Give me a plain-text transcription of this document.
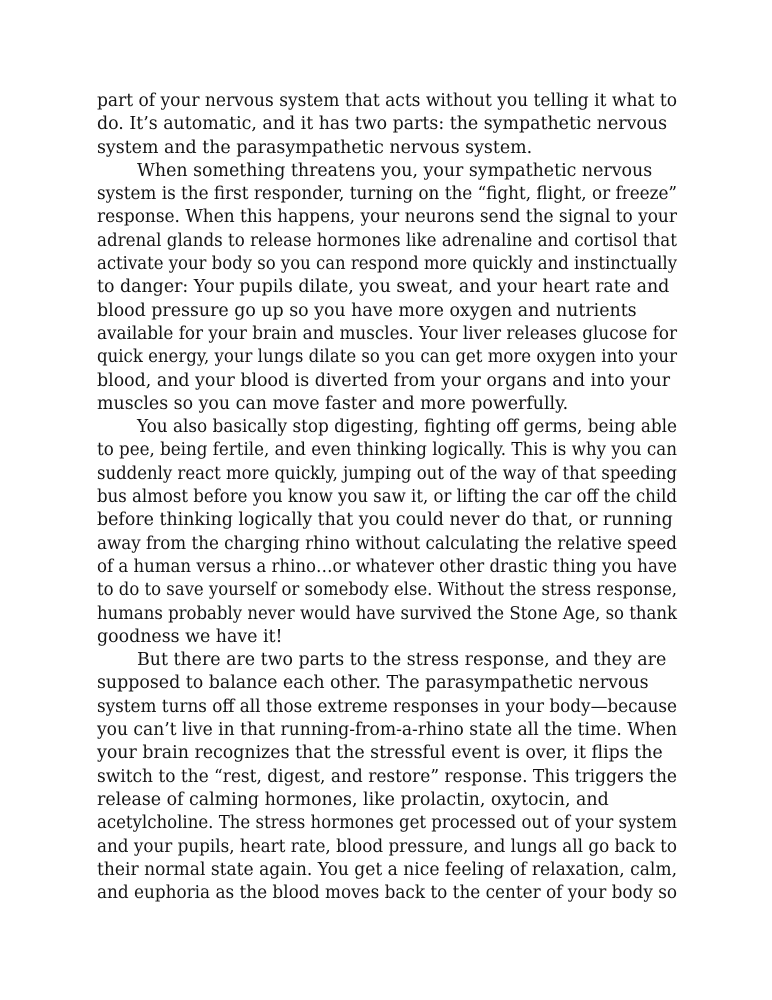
part of your nervous system that acts without you telling it what to
do. It’s automatic, and it has two parts: the sympathetic nervous
system and the parasympathetic nervous system.
When something threatens you, your sympathetic nervous
system is the first responder, turning on the “fight, flight, or freeze”
response. When this happens, your neurons send the signal to your
adrenal glands to release hormones like adrenaline and cortisol that
activate your body so you can respond more quickly and instinctually
to danger: Your pupils dilate, you sweat, and your heart rate and
blood pressure go up so you have more oxygen and nutrients
available for your brain and muscles. Your liver releases glucose for
quick energy, your lungs dilate so you can get more oxygen into your
blood, and your blood is diverted from your organs and into your
muscles so you can move faster and more powerfully.
You also basically stop digesting, fighting off germs, being able
to pee, being fertile, and even thinking logically. This is why you can
suddenly react more quickly, jumping out of the way of that speeding
bus almost before you know you saw it, or lifting the car off the child
before thinking logically that you could never do that, or running
away from the charging rhino without calculating the relative speed
of a human versus a rhino…or whatever other drastic thing you have
to do to save yourself or somebody else. Without the stress response,
humans probably never would have survived the Stone Age, so thank
goodness we have it!
But there are two parts to the stress response, and they are
supposed to balance each other. The parasympathetic nervous
system turns off all those extreme responses in your body—because
you can’t live in that running-from-a-rhino state all the time. When
your brain recognizes that the stressful event is over, it flips the
switch to the “rest, digest, and restore” response. This triggers the
release of calming hormones, like prolactin, oxytocin, and
acetylcholine. The stress hormones get processed out of your system
and your pupils, heart rate, blood pressure, and lungs all go back to
their normal state again. You get a nice feeling of relaxation, calm,
and euphoria as the blood moves back to the center of your body so
